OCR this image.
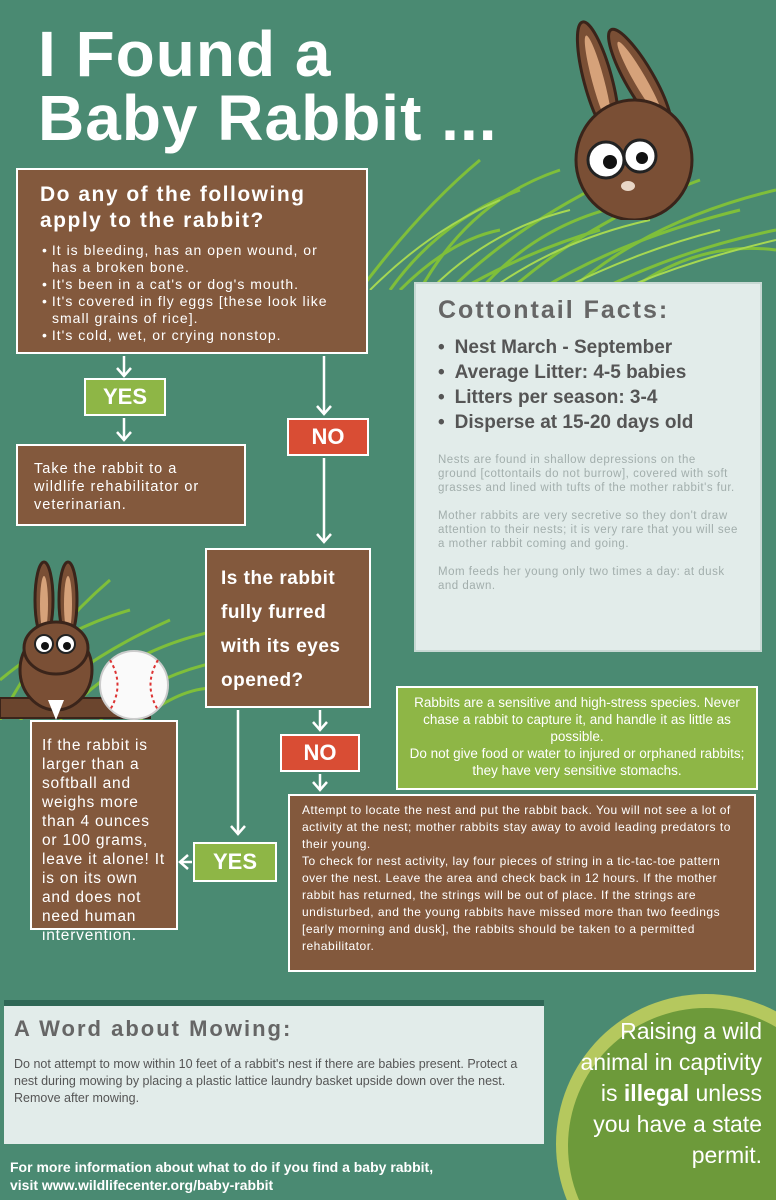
I Found a
Baby Rabbit ...
Do any of the following apply to the rabbit?
• It is bleeding, has an open wound, or has a broken bone.
• It's been in a cat's or dog's mouth.
• It's covered in fly eggs [these look like small grains of rice].
• It's cold, wet, or crying nonstop.
YES
NO
Take the rabbit to a wildlife rehabilitator or veterinarian.
Cottontail Facts:
• Nest March - September
• Average Litter: 4-5 babies
• Litters per season: 3-4
• Disperse at 15-20 days old

Nests are found in shallow depressions on the ground [cottontails do not burrow], covered with soft grasses and lined with tufts of the mother rabbit's fur.

Mother rabbits are very secretive so they don't draw attention to their nests; it is very rare that you will see a mother rabbit coming and going.

Mom feeds her young only two times a day: at dusk and dawn.

Is the rabbit fully furred with its eyes opened?
Rabbits are a sensitive and high-stress species. Never chase a rabbit to capture it, and handle it as little as possible.
Do not give food or water to injured or orphaned rabbits; they have very sensitive stomachs.
NO
If the rabbit is larger than a softball and weighs more than 4 ounces or 100 grams, leave it alone! It is on its own and does not need human intervention.
YES
Attempt to locate the nest and put the rabbit back. You will not see a lot of activity at the nest; mother rabbits stay away to avoid leading predators to their young.
To check for nest activity, lay four pieces of string in a tic-tac-toe pattern over the nest. Leave the area and check back in 12 hours. If the mother rabbit has returned, the strings will be out of place. If the strings are undisturbed, and the young rabbits have missed more than two feedings [early morning and dusk], the rabbits should be taken to a permitted rehabilitator.
A Word about Mowing:

Do not attempt to mow within 10 feet of a rabbit's nest if there are babies present. Protect a nest during mowing by placing a plastic lattice laundry basket upside down over the nest. Remove after mowing.

Raising a wild animal in captivity is illegal unless you have a state permit.
For more information about what to do if you find a baby rabbit,
visit www.wildlifecenter.org/baby-rabbit
